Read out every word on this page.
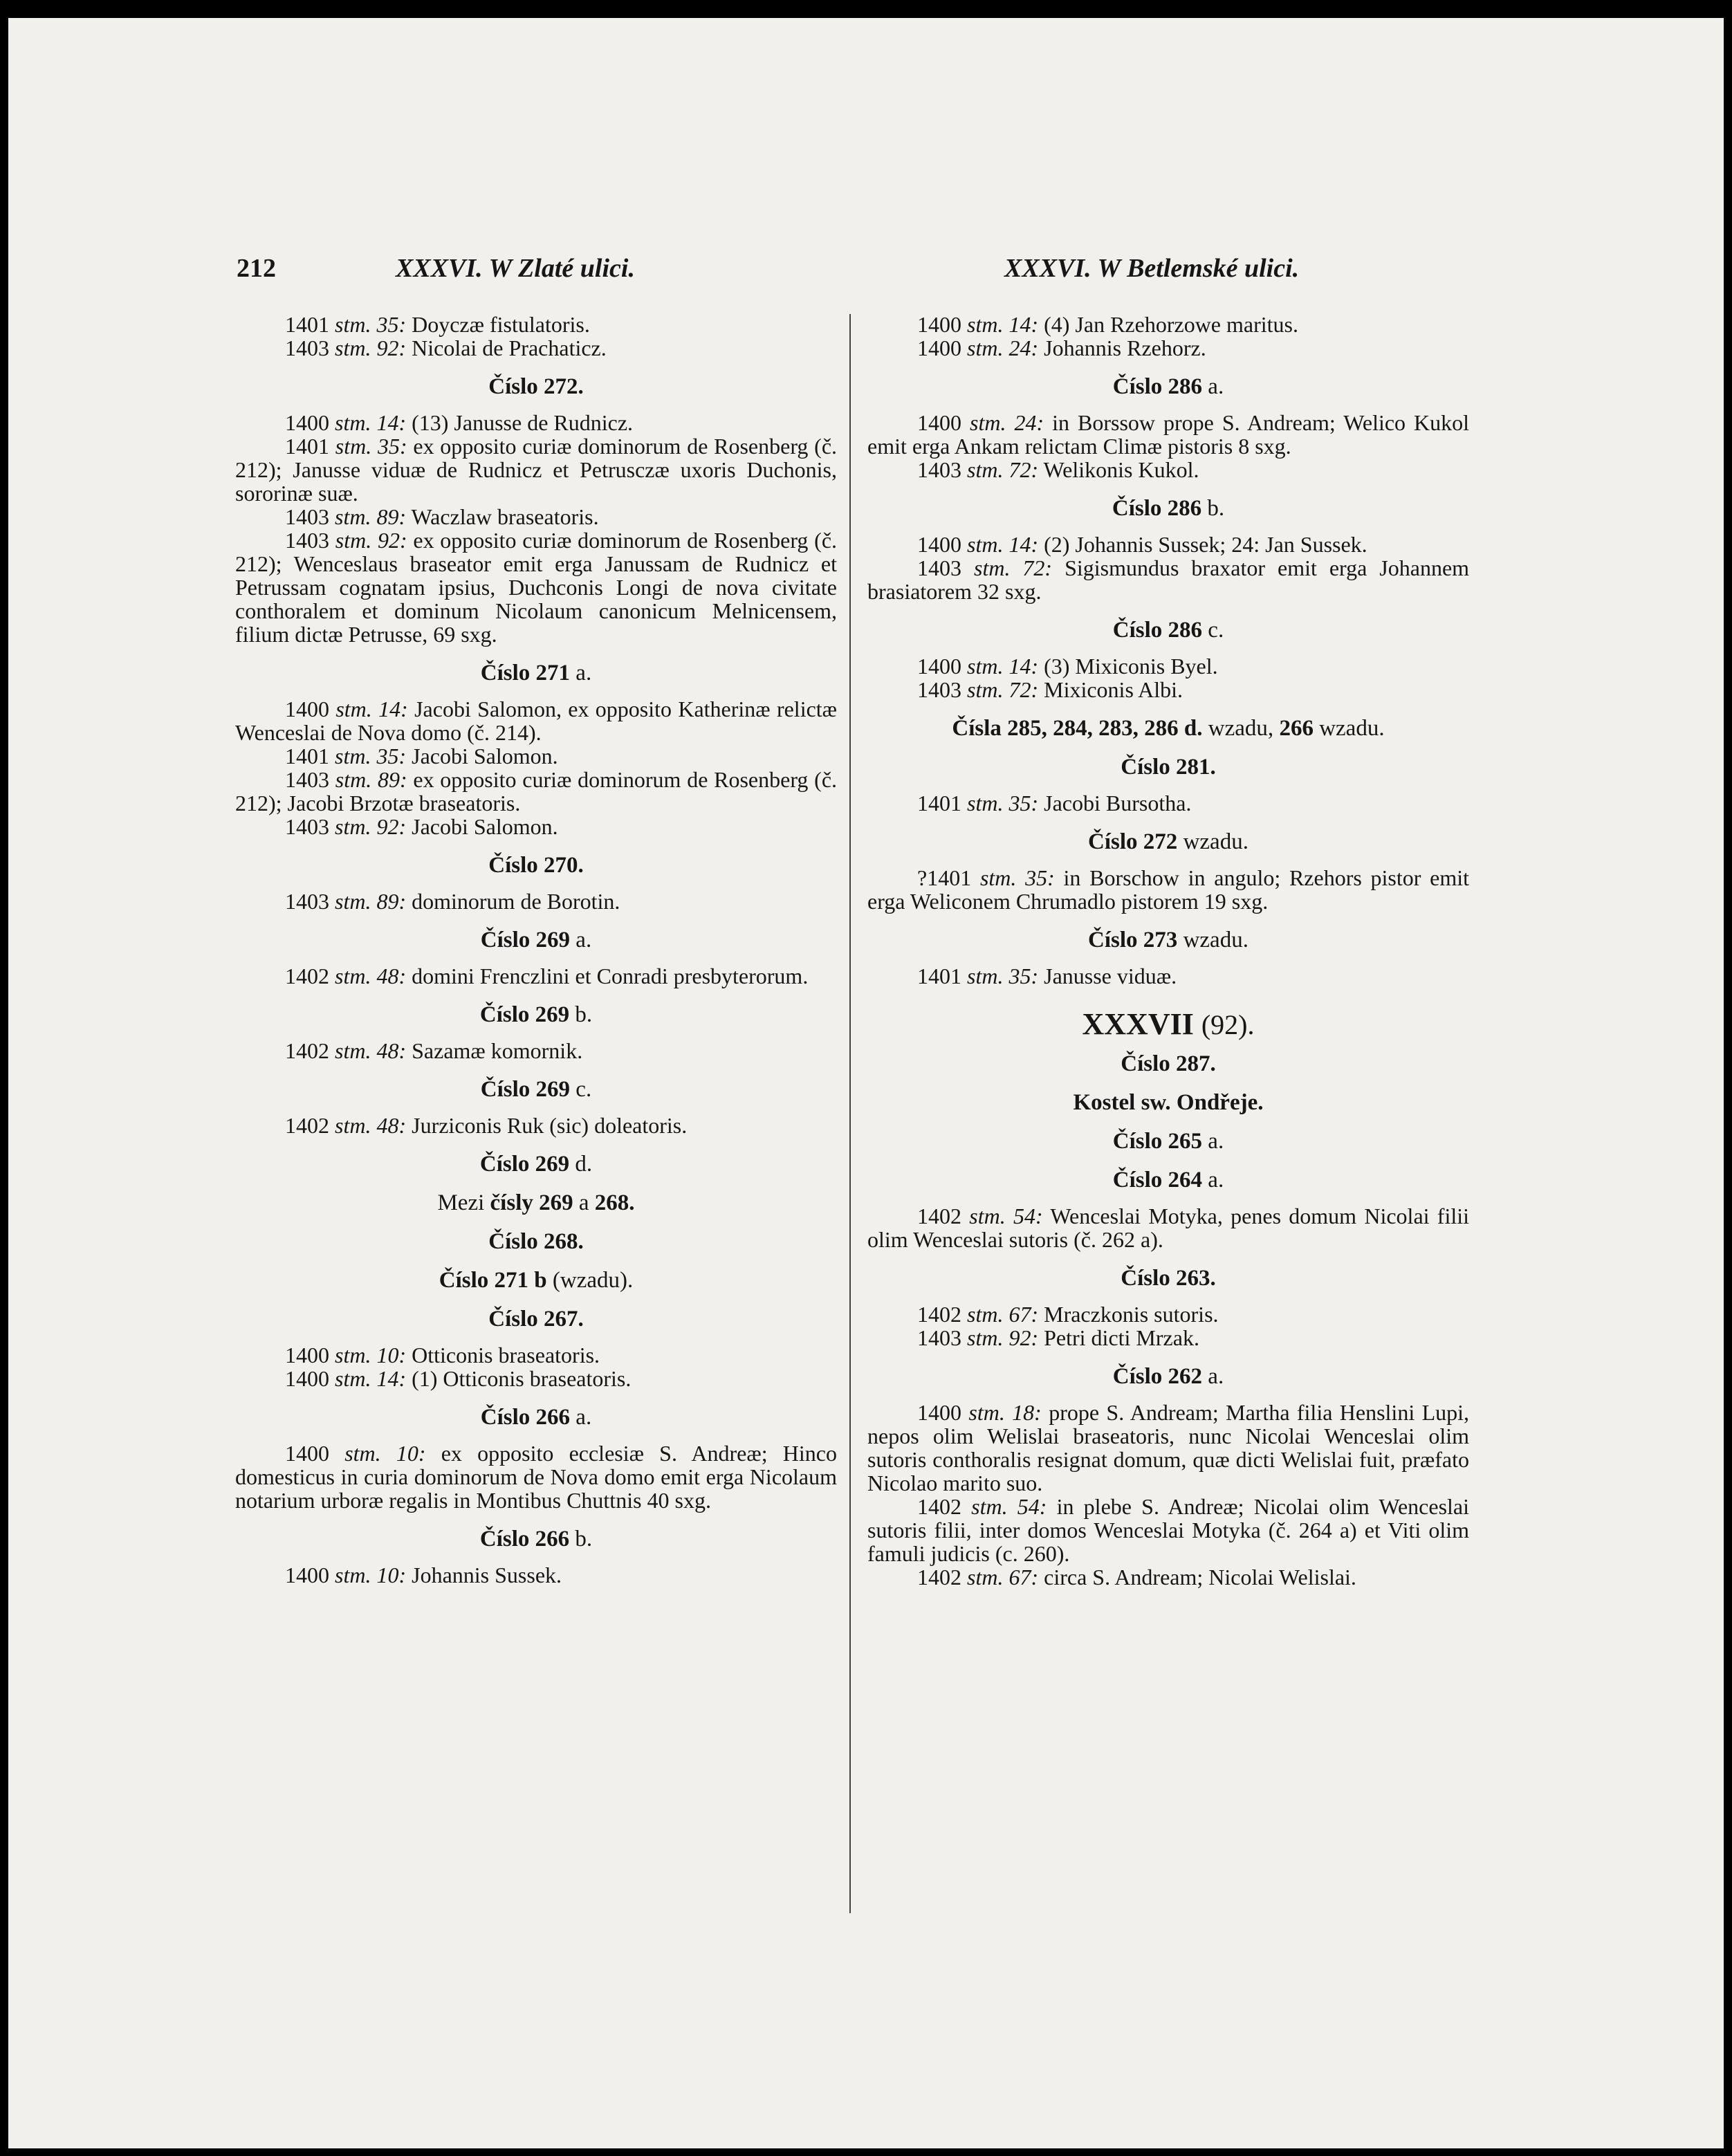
212	XXXVI. W Zlaté ulici.	XXXVI. W Betlemské ulici.

1401 stm. 35: Doyczæ fistulatoris.

1403 stm. 92: Nicolai de Prachaticz.

Číslo 272.

1400 stm. 14: (13) Janusse de Rudnicz.

1401 stm. 35: ex opposito curiæ dominorum de Rosenberg (č. 212); Janusse viduæ de Rudnicz et Petrusczæ uxoris Duchonis, sororinæ suæ.

1403 stm. 89: Waczlaw braseatoris.

1403 stm. 92: ex opposito curiæ dominorum de Rosenberg (č. 212); Wenceslaus braseator emit erga Janussam de Rudnicz et Petrussam cognatam ipsius, Duchconis Longi de nova civitate conthoralem et dominum Nicolaum canonicum Melnicensem, filium dictæ Petrusse, 69 sxg.

Číslo 271 a.

1400 stm. 14: Jacobi Salomon, ex opposito Katherinæ relictæ Wenceslai de Nova domo (č. 214).

1401 stm. 35: Jacobi Salomon.

1403 stm. 89: ex opposito curiæ dominorum de Rosenberg (č. 212); Jacobi Brzotæ braseatoris.

1403 stm. 92: Jacobi Salomon.

Číslo 270.

1403 stm. 89: dominorum de Borotin.

Číslo 269 a.

1402 stm. 48: domini Frenczlini et Conradi presbyterorum.

Číslo 269 b.

1402 stm. 48: Sazamæ komornik.

Číslo 269 c.

1402 stm. 48: Jurziconis Ruk (sic) doleatoris.

Číslo 269 d.
Mezi čísly 269 a 268.
Číslo 268.
Číslo 271 b (wzadu).
Číslo 267.

1400 stm. 10: Otticonis braseatoris.

1400 stm. 14: (1) Otticonis braseatoris.

Číslo 266 a.

1400 stm. 10: ex opposito ecclesiæ S. Andreæ; Hinco domesticus in curia dominorum de Nova domo emit erga Nicolaum notarium urboræ regalis in Montibus Chuttnis 40 sxg.

Číslo 266 b.

1400 stm. 10: Johannis Sussek.

1400 stm. 14: (4) Jan Rzehorzowe maritus.

1400 stm. 24: Johannis Rzehorz.

Číslo 286 a.

1400 stm. 24: in Borssow prope S. Andream; Welico Kukol emit erga Ankam relictam Climæ pistoris 8 sxg.

1403 stm. 72: Welikonis Kukol.

Číslo 286 b.

1400 stm. 14: (2) Johannis Sussek; 24: Jan Sussek.

1403 stm. 72: Sigismundus braxator emit erga Johannem brasiatorem 32 sxg.

Číslo 286 c.

1400 stm. 14: (3) Mixiconis Byel.

1403 stm. 72: Mixiconis Albi.

Čísla 285, 284, 283, 286 d. wzadu, 266 wzadu.
Číslo 281.

1401 stm. 35: Jacobi Bursotha.

Číslo 272 wzadu.

?1401 stm. 35: in Borschow in angulo; Rzehors pistor emit erga Weliconem Chrumadlo pistorem 19 sxg.

Číslo 273 wzadu.

1401 stm. 35: Janusse viduæ.

XXXVII (92).
Číslo 287.
Kostel sw. Ondřeje.
Číslo 265 a.
Číslo 264 a.

1402 stm. 54: Wenceslai Motyka, penes domum Nicolai filii olim Wenceslai sutoris (č. 262 a).

Číslo 263.

1402 stm. 67: Mraczkonis sutoris.

1403 stm. 92: Petri dicti Mrzak.

Číslo 262 a.

1400 stm. 18: prope S. Andream; Martha filia Henslini Lupi, nepos olim Welislai braseatoris, nunc Nicolai Wenceslai olim sutoris conthoralis resignat domum, quæ dicti Welislai fuit, præfato Nicolao marito suo.

1402 stm. 54: in plebe S. Andreæ; Nicolai olim Wenceslai sutoris filii, inter domos Wenceslai Motyka (č. 264 a) et Viti olim famuli judicis (c. 260).

1402 stm. 67: circa S. Andream; Nicolai Welislai.
